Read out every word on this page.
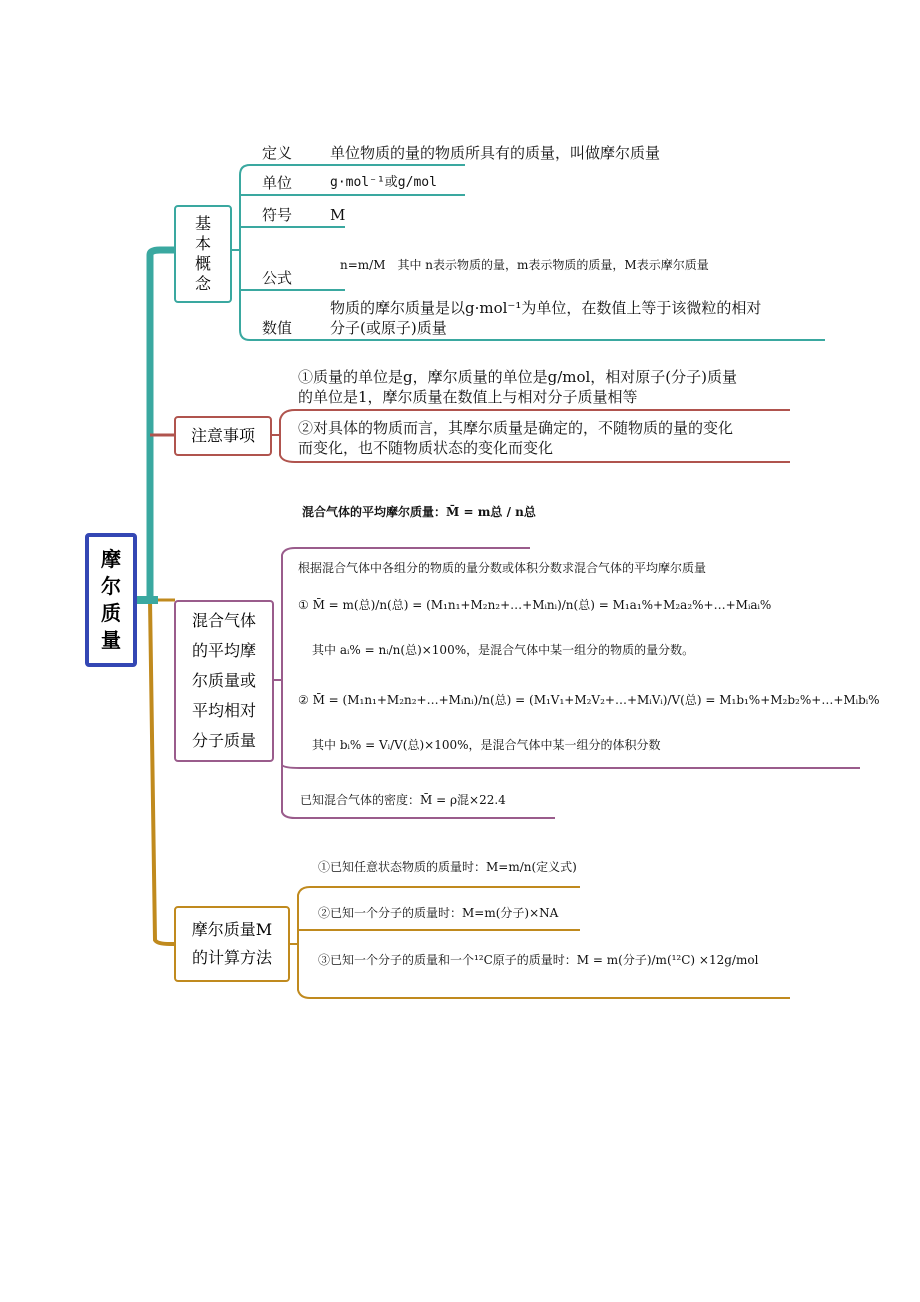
摩尔质量
基本概念
定义	单位物质的量的物质所具有的质量，叫做摩尔质量
单位	g·mol⁻¹或g/mol
符号	M
公式
n=m/M　其中 n表示物质的量，m表示物质的质量，M表示摩尔质量
数值
物质的摩尔质量是以g·mol⁻¹为单位，在数值上等于该微粒的相对
分子(或原子)质量
注意事项
①质量的单位是g，摩尔质量的单位是g/mol，相对原子(分子)质量
的单位是1，摩尔质量在数值上与相对分子质量相等
②对具体的物质而言，其摩尔质量是确定的，不随物质的量的变化
而变化，也不随物质状态的变化而变化
混合气体的平均摩尔质量或平均相对分子质量
混合气体的平均摩尔质量：M̄ = m总 / n总
根据混合气体中各组分的物质的量分数或体积分数求混合气体的平均摩尔质量
① M̄ = m(总)/n(总) = (M₁n₁+M₂n₂+…+Mᵢnᵢ)/n(总) = M₁a₁%+M₂a₂%+…+Mᵢaᵢ%
其中 aᵢ% = nᵢ/n(总)×100%，是混合气体中某一组分的物质的量分数。
② M̄ = (M₁n₁+M₂n₂+…+Mᵢnᵢ)/n(总) = (M₁V₁+M₂V₂+…+MᵢVᵢ)/V(总) = M₁b₁%+M₂b₂%+…+Mᵢbᵢ%
其中 bᵢ% = Vᵢ/V(总)×100%，是混合气体中某一组分的体积分数
已知混合气体的密度：M̄ = ρ混×22.4
摩尔质量M的计算方法
①已知任意状态物质的质量时：M=m/n(定义式)
②已知一个分子的质量时：M=m(分子)×NA
③已知一个分子的质量和一个¹²C原子的质量时：M = m(分子)/m(¹²C) ×12g/mol
